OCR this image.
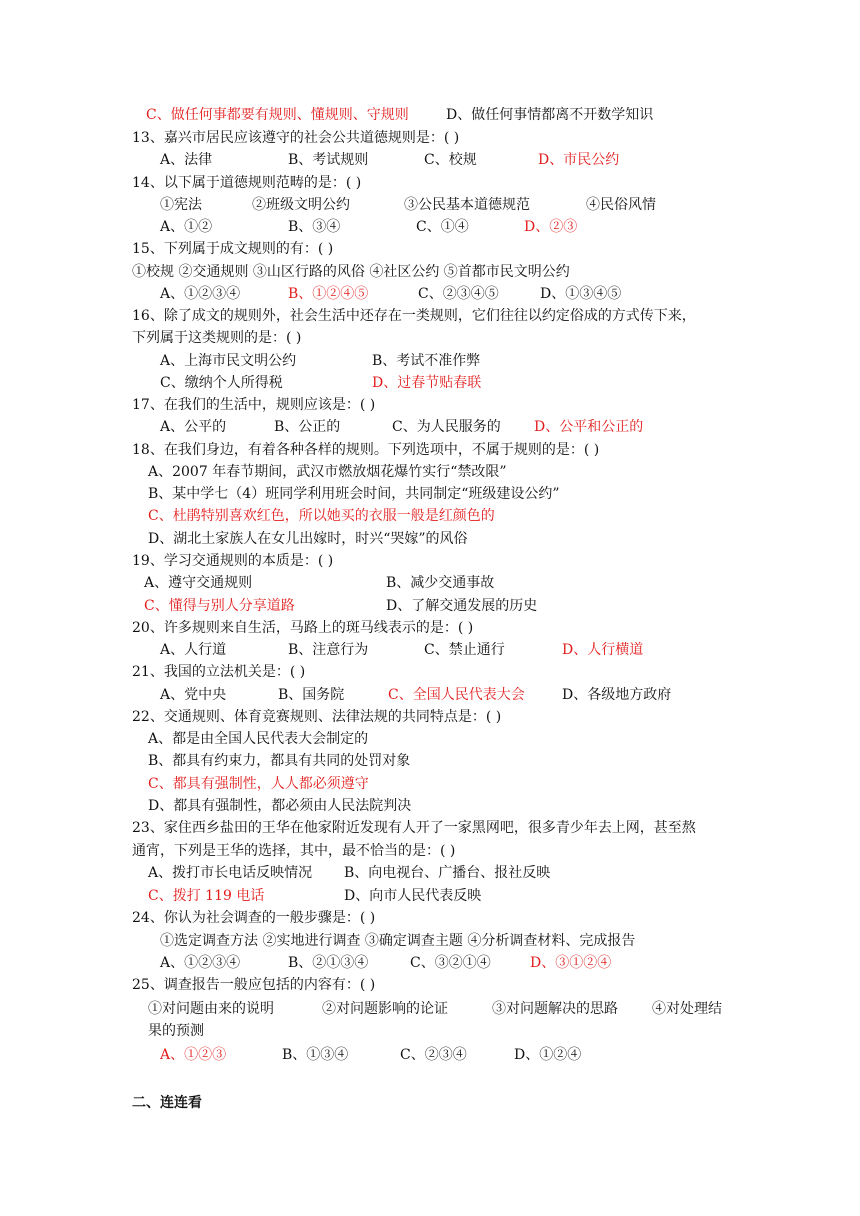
C、做任何事都要有规则、懂规则、守规则	D、做任何事情都离不开数学知识
13、嘉兴市居民应该遵守的社会公共道德规则是：( )
A、法律	B、考试规则	C、校规	D、市民公约
14、以下属于道德规则范畴的是：( )
①宪法	②班级文明公约	③公民基本道德规范	④民俗风情
A、①②	B、③④	C、①④	D、②③
15、下列属于成文规则的有：( )
①校规 ②交通规则 ③山区行路的风俗 ④社区公约 ⑤首都市民文明公约
A、①②③④	B、①②④⑤	C、②③④⑤	D、①③④⑤
16、除了成文的规则外，社会生活中还存在一类规则，它们往往以约定俗成的方式传下来，
下列属于这类规则的是：( )
A、上海市民文明公约	B、考试不准作弊
C、缴纳个人所得税	D、过春节贴春联
17、在我们的生活中，规则应该是：( )
A、公平的	B、公正的	C、为人民服务的 D、公平和公正的
18、在我们身边，有着各种各样的规则。下列选项中，不属于规则的是：( )
A、2007 年春节期间，武汉市燃放烟花爆竹实行“禁改限”
B、某中学七（4）班同学利用班会时间，共同制定“班级建设公约”
C、杜鹃特别喜欢红色，所以她买的衣服一般是红颜色的
D、湖北土家族人在女儿出嫁时，时兴“哭嫁”的风俗
19、学习交通规则的本质是：( )
A、遵守交通规则	B、减少交通事故
C、懂得与别人分享道路	D、了解交通发展的历史
20、许多规则来自生活，马路上的斑马线表示的是：( )
A、人行道	B、注意行为	C、禁止通行	D、人行横道
21、我国的立法机关是：( )
A、党中央	B、国务院	C、全国人民代表大会	D、各级地方政府
22、交通规则、体育竞赛规则、法律法规的共同特点是：( )
A、都是由全国人民代表大会制定的
B、都具有约束力，都具有共同的处罚对象
C、都具有强制性，人人都必须遵守
D、都具有强制性，都必须由人民法院判决
23、家住西乡盐田的王华在他家附近发现有人开了一家黑网吧，很多青少年去上网，甚至熬
通宵，下列是王华的选择，其中，最不恰当的是：( )
A、拨打市长电话反映情况 B、向电视台、广播台、报社反映
C、拨打 119 电话	D、向市人民代表反映
24、你认为社会调查的一般步骤是：( )
①选定调查方法 ②实地进行调查 ③确定调查主题 ④分析调查材料、完成报告
A、①②③④	B、②①③④	C、③②①④	D、③①②④
25、调查报告一般应包括的内容有：( )
①对问题由来的说明	②对问题影响的论证	③对问题解决的思路 ④对处理结
果的预测
A、①②③	B、①③④	C、②③④	D、①②④
二、连连看
